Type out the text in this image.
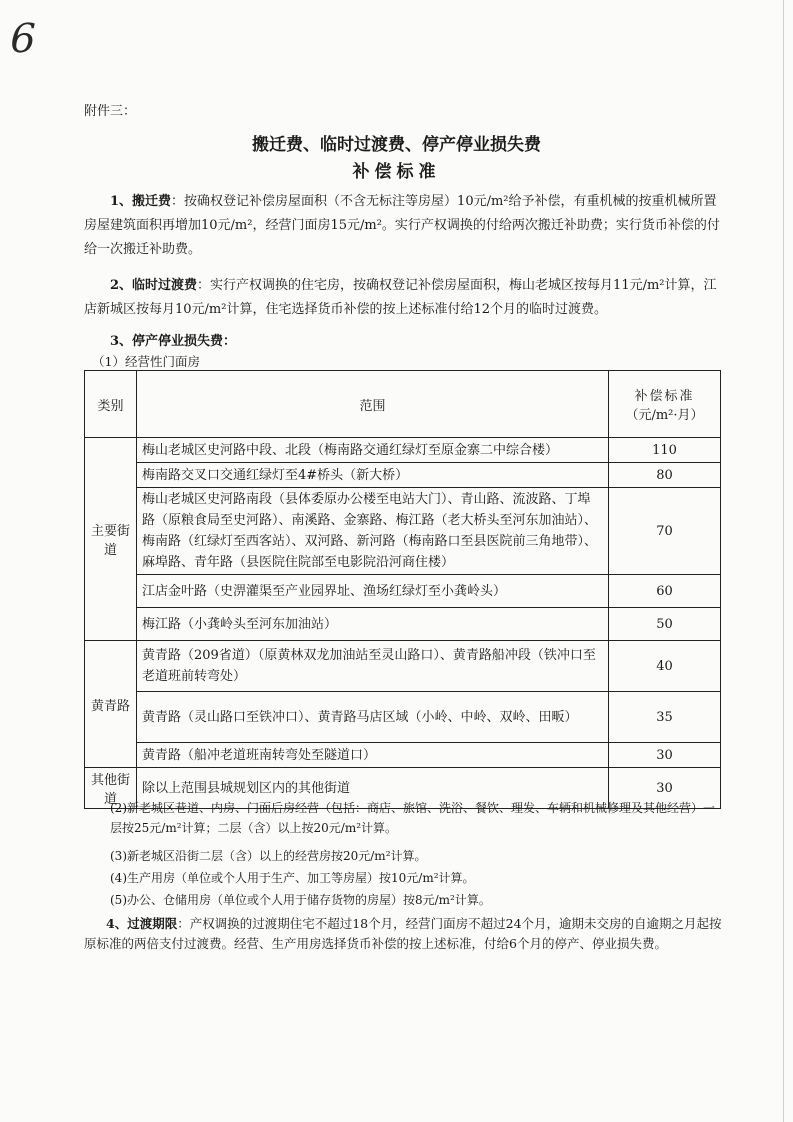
6
附件三：
搬迁费、临时过渡费、停产停业损失费
补偿标准

1、搬迁费：按确权登记补偿房屋面积（不含无标注等房屋）10元/m²给予补偿，有重机械的按重机械所置房屋建筑面积再增加10元/m²，经营门面房15元/m²。实行产权调换的付给两次搬迁补助费；实行货币补偿的付给一次搬迁补助费。

2、临时过渡费：实行产权调换的住宅房，按确权登记补偿房屋面积，梅山老城区按每月11元/m²计算，江店新城区按每月10元/m²计算，住宅选择货币补偿的按上述标准付给12个月的临时过渡费。

3、停产停业损失费：

（1）经营性门面房
类别	范围	补偿标准
（元/m²·月）

主要街道	梅山老城区史河路中段、北段（梅南路交通红绿灯至原金寨二中综合楼）	110
	梅南路交叉口交通红绿灯至4#桥头（新大桥）	80
	梅山老城区史河路南段（县体委原办公楼至电站大门）、青山路、流波路、丁埠路（原粮食局至史河路）、南溪路、金寨路、梅江路（老大桥头至河东加油站）、梅南路（红绿灯至西客站）、双河路、新河路（梅南路口至县医院前三角地带）、麻埠路、青年路（县医院住院部至电影院沿河商住楼）	70
	江店金叶路（史淠灌渠至产业园界址、渔场红绿灯至小龚岭头）	60
	梅江路（小龚岭头至河东加油站）	50
黄青路	黄青路（209省道）（原黄林双龙加油站至灵山路口）、黄青路船冲段（铁冲口至老道班前转弯处）	40
	黄青路（灵山路口至铁冲口）、黄青路马店区域（小岭、中岭、双岭、田畈）	35
	黄青路（船冲老道班南转弯处至隧道口）	30
其他街道	除以上范围县城规划区内的其他街道	30

(2)新老城区巷道、内房、门面后房经营（包括：商店、旅馆、洗浴、餐饮、理发、车辆和机械修理及其他经营）一层按25元/m²计算；二层（含）以上按20元/m²计算。

(3)新老城区沿街二层（含）以上的经营房按20元/m²计算。

(4)生产用房（单位或个人用于生产、加工等房屋）按10元/m²计算。

(5)办公、仓储用房（单位或个人用于储存货物的房屋）按8元/m²计算。

4、过渡期限：产权调换的过渡期住宅不超过18个月，经营门面房不超过24个月，逾期未交房的自逾期之月起按原标准的两倍支付过渡费。经营、生产用房选择货币补偿的按上述标准，付给6个月的停产、停业损失费。
